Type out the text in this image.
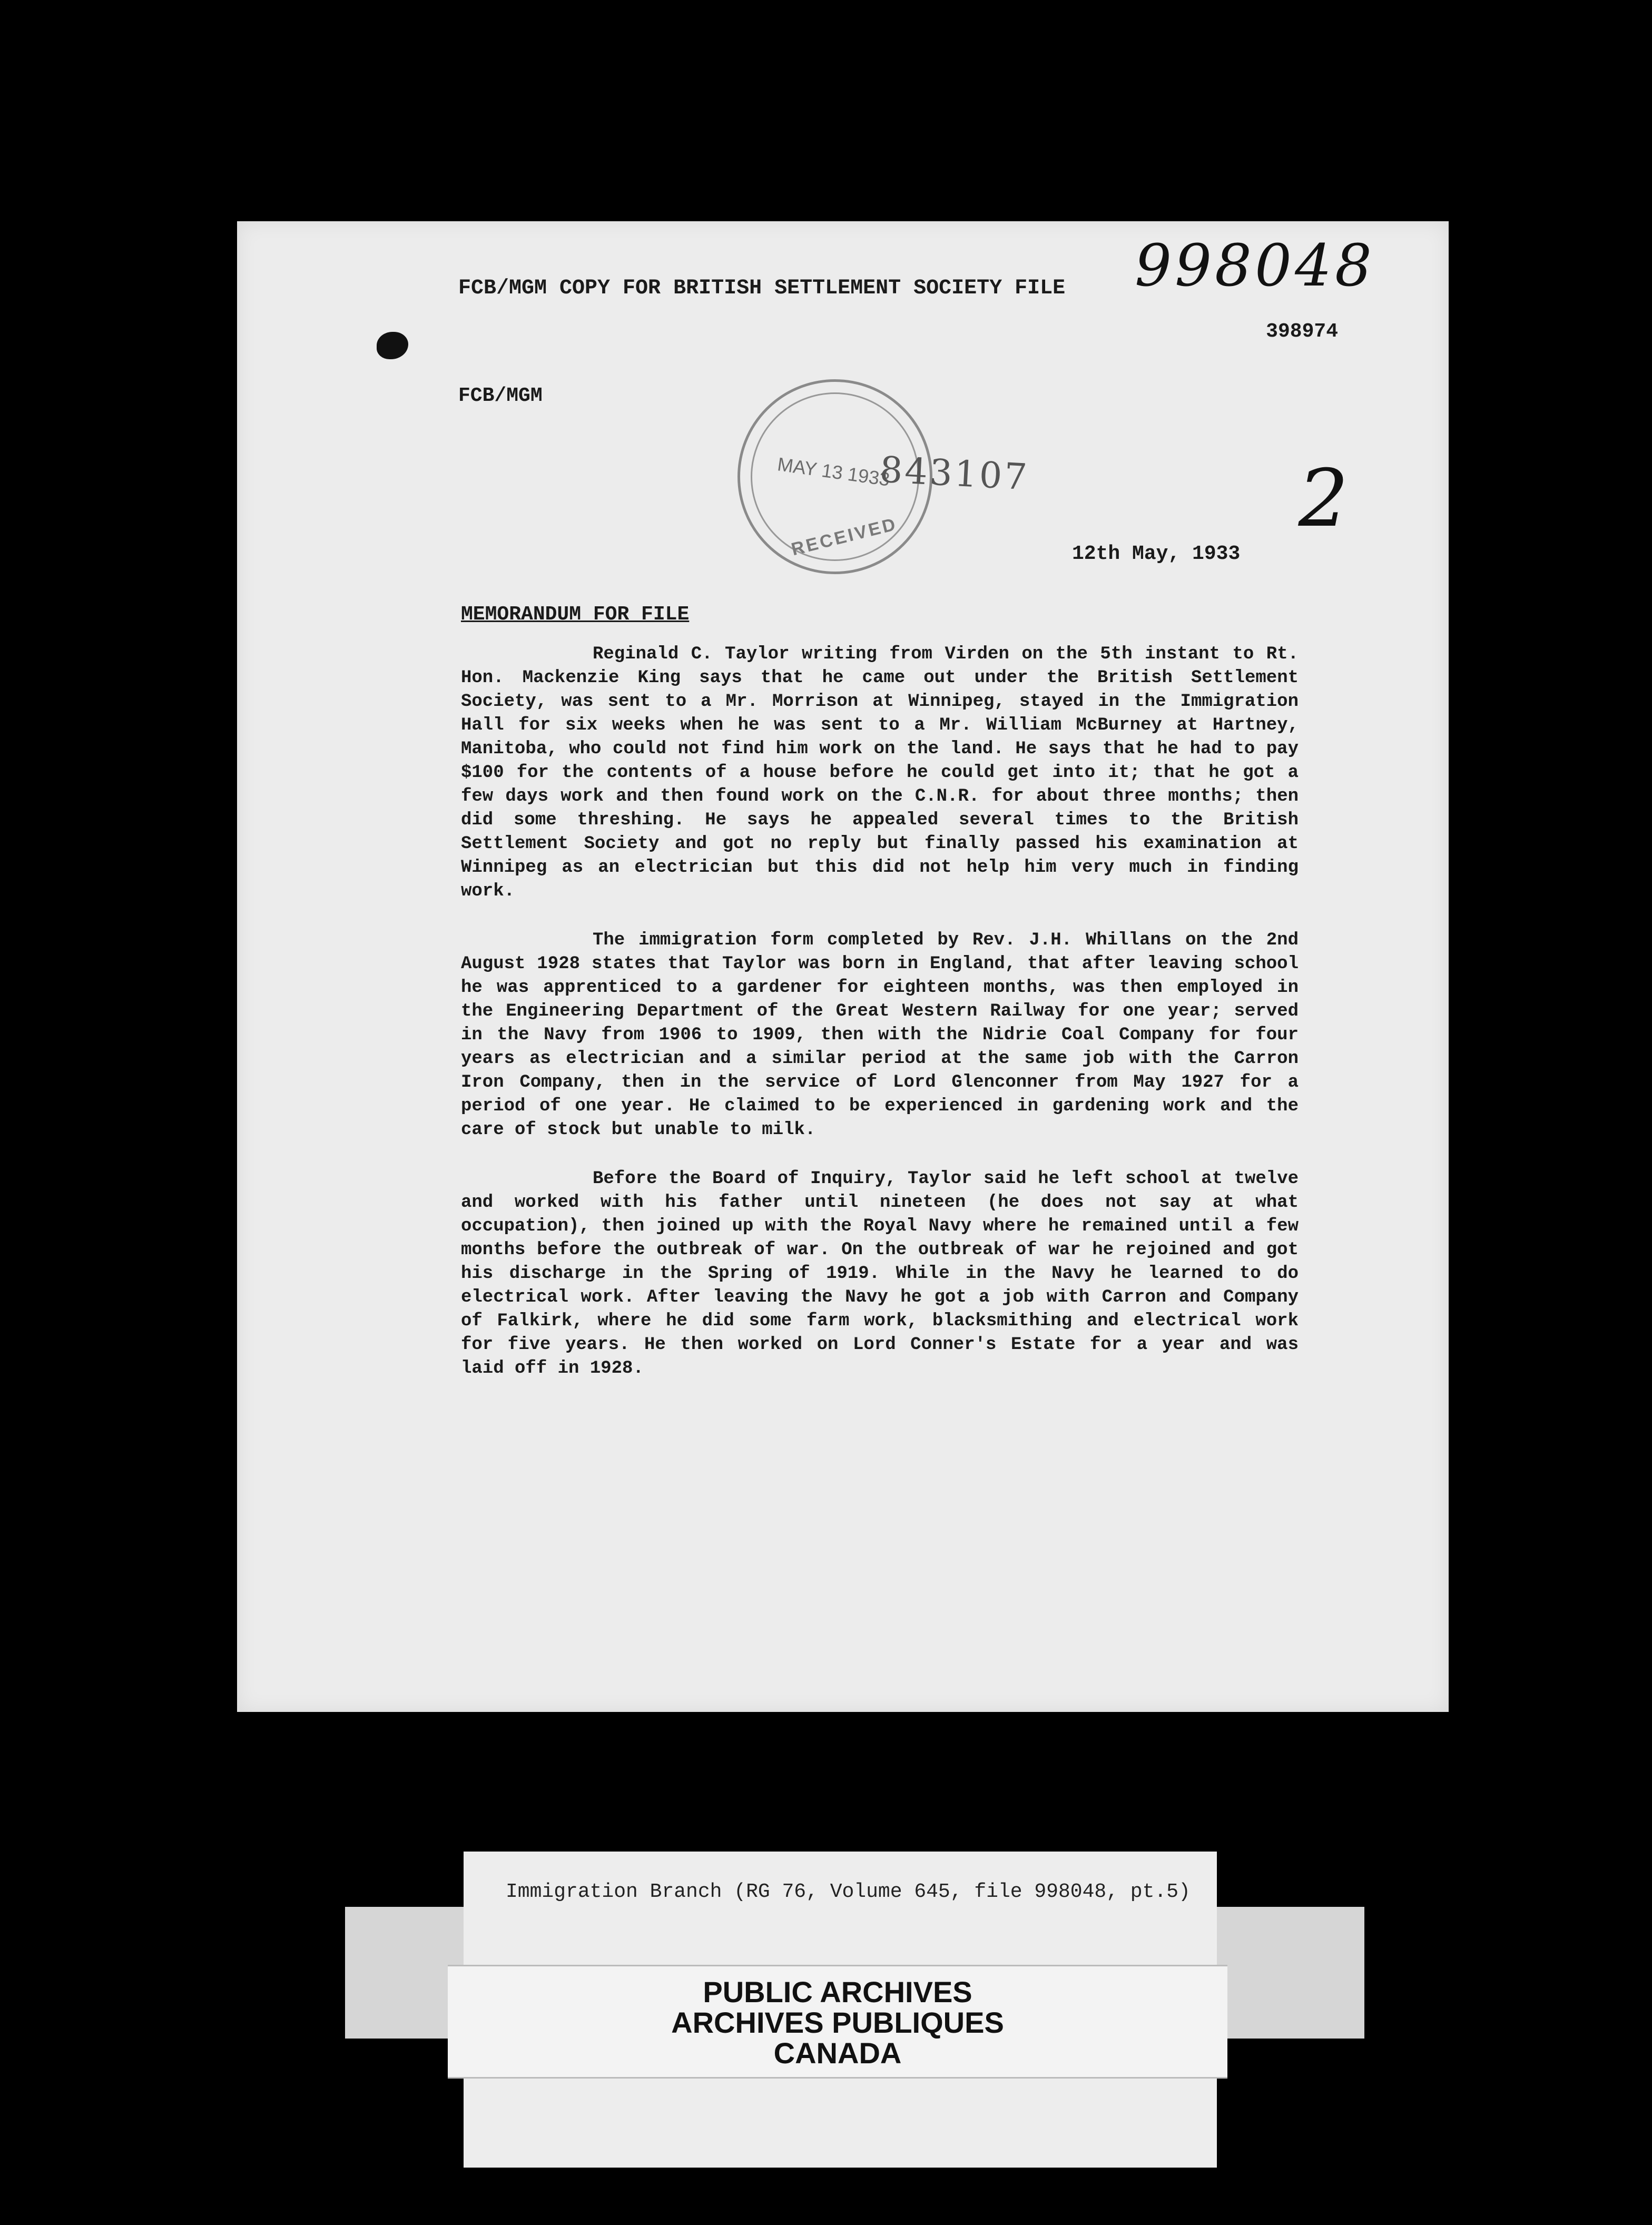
FCB/MGM COPY FOR BRITISH SETTLEMENT SOCIETY FILE 998048
398974
FCB/MGM
MAY 13 1933
RECEIVED
843107	2
12th May, 1933
MEMORANDUM FOR FILE

Reginald C. Taylor writing from Virden on the 5th instant to Rt. Hon. Mackenzie King says that he came out under the British Settlement Society, was sent to a Mr. Morrison at Winnipeg, stayed in the Immigration Hall for six weeks when he was sent to a Mr. William McBurney at Hartney, Manitoba, who could not find him work on the land. He says that he had to pay $100 for the contents of a house before he could get into it; that he got a few days work and then found work on the C.N.R. for about three months; then did some threshing. He says he appealed several times to the British Settlement Society and got no reply but finally passed his examination at Winnipeg as an electrician but this did not help him very much in finding work.

The immigration form completed by Rev. J.H. Whillans on the 2nd August 1928 states that Taylor was born in England, that after leaving school he was apprenticed to a gardener for eighteen months, was then employed in the Engineering Department of the Great Western Railway for one year; served in the Navy from 1906 to 1909, then with the Nidrie Coal Company for four years as electrician and a similar period at the same job with the Carron Iron Company, then in the service of Lord Glenconner from May 1927 for a period of one year. He claimed to be experienced in gardening work and the care of stock but unable to milk.

Before the Board of Inquiry, Taylor said he left school at twelve and worked with his father until nineteen (he does not say at what occupation), then joined up with the Royal Navy where he remained until a few months before the outbreak of war. On the outbreak of war he rejoined and got his discharge in the Spring of 1919. While in the Navy he learned to do electrical work. After leaving the Navy he got a job with Carron and Company of Falkirk, where he did some farm work, blacksmithing and electrical work for five years. He then worked on Lord Conner's Estate for a year and was laid off in 1928.

Immigration Branch (RG 76, Volume 645, file 998048, pt.5)
PUBLIC ARCHIVES
ARCHIVES PUBLIQUES
CANADA
